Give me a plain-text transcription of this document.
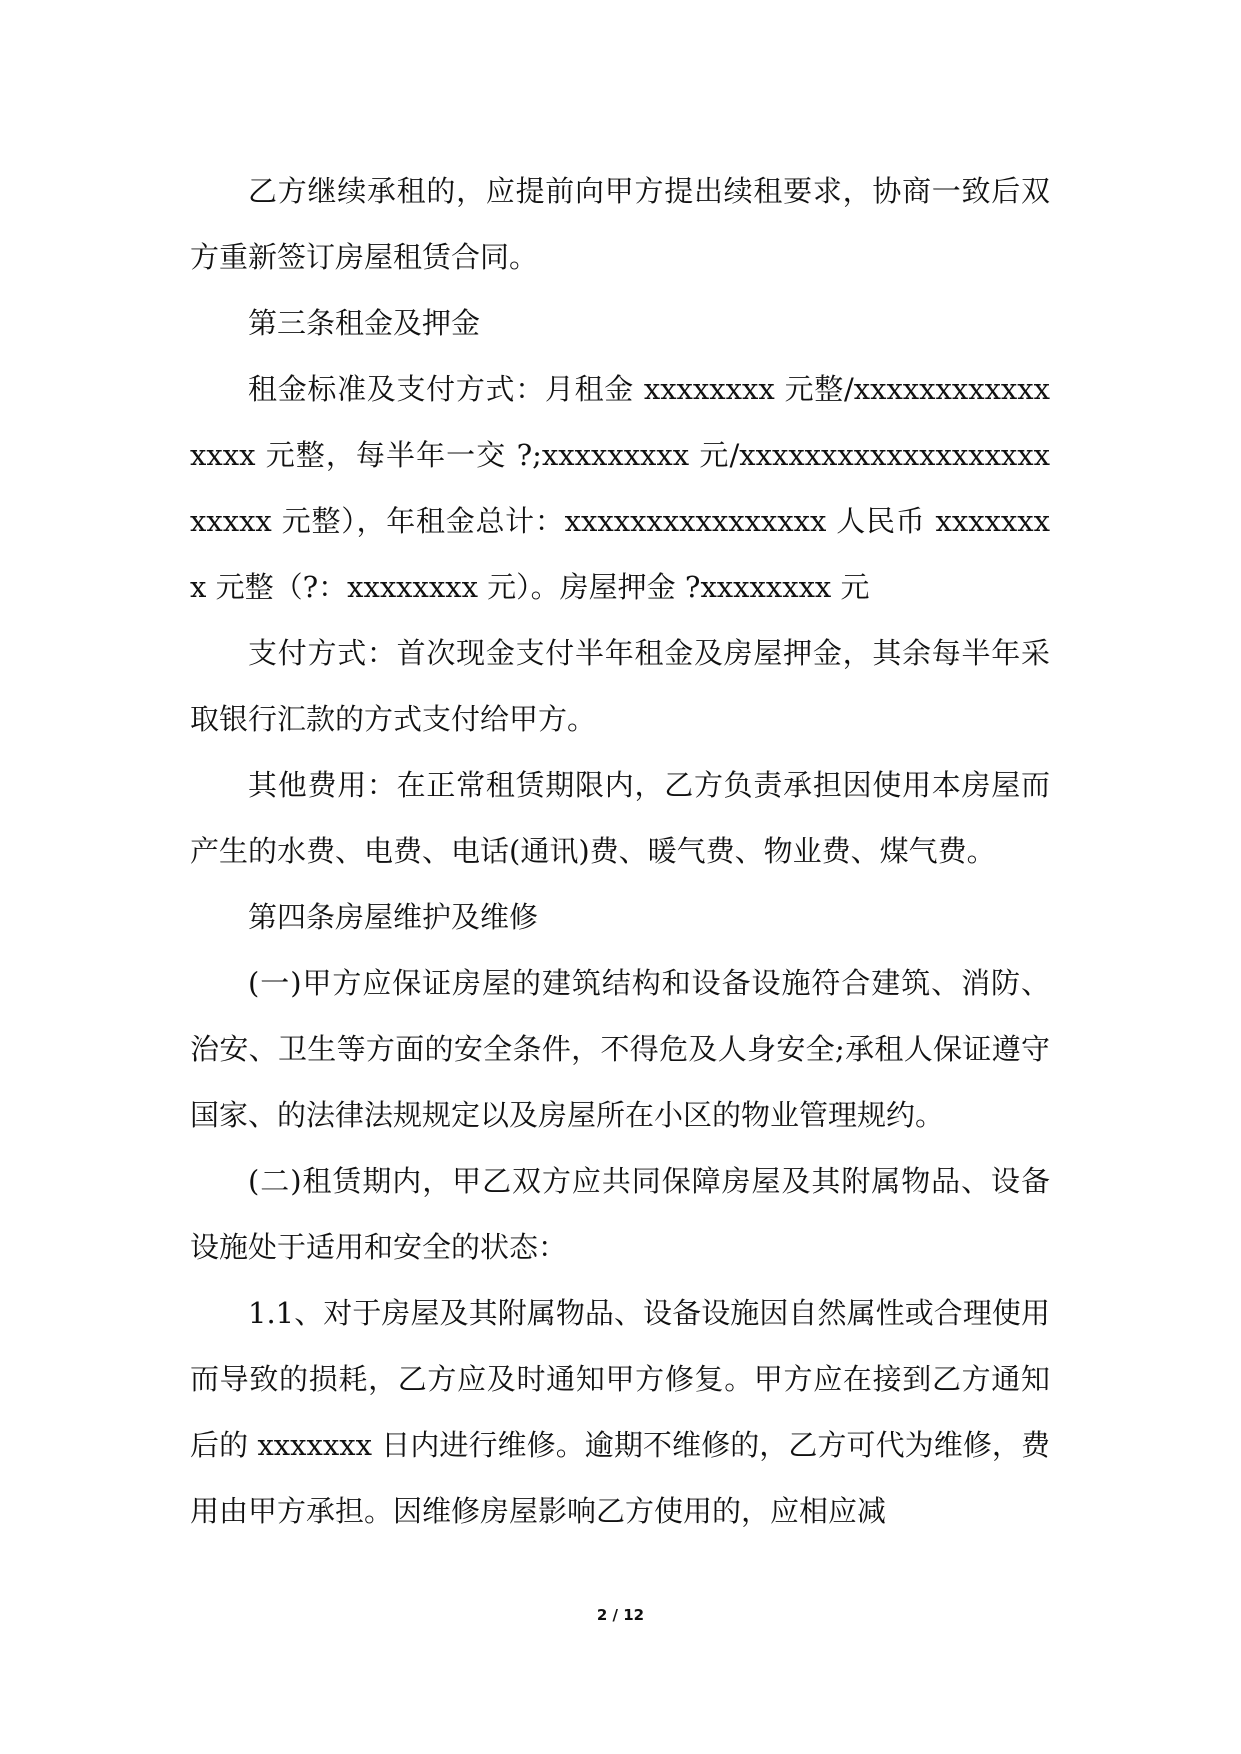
乙方继续承租的，应提前向甲方提出续租要求，协商一致后双方重新签订房屋租赁合同。

第三条租金及押金

租金标准及支付方式：月租金 xxxxxxxx 元整/xxxxxxxxxxxxxxxx 元整，每半年一交 ?;xxxxxxxxx 元/xxxxxxxxxxxxxxxxxxxxxxxx 元整），年租金总计：xxxxxxxxxxxxxxxx 人民币 xxxxxxxx 元整（?：xxxxxxxx 元）。房屋押金 ?xxxxxxxx 元

支付方式：首次现金支付半年租金及房屋押金，其余每半年采取银行汇款的方式支付给甲方。

其他费用：在正常租赁期限内，乙方负责承担因使用本房屋而产生的水费、电费、电话(通讯)费、暖气费、物业费、煤气费。

第四条房屋维护及维修

(一)甲方应保证房屋的建筑结构和设备设施符合建筑、消防、治安、卫生等方面的安全条件，不得危及人身安全;承租人保证遵守国家、的法律法规规定以及房屋所在小区的物业管理规约。

(二)租赁期内，甲乙双方应共同保障房屋及其附属物品、设备设施处于适用和安全的状态：

1.1、对于房屋及其附属物品、设备设施因自然属性或合理使用而导致的损耗，乙方应及时通知甲方修复。甲方应在接到乙方通知后的 xxxxxxx 日内进行维修。逾期不维修的，乙方可代为维修，费用由甲方承担。因维修房屋影响乙方使用的，应相应减

2 / 12
